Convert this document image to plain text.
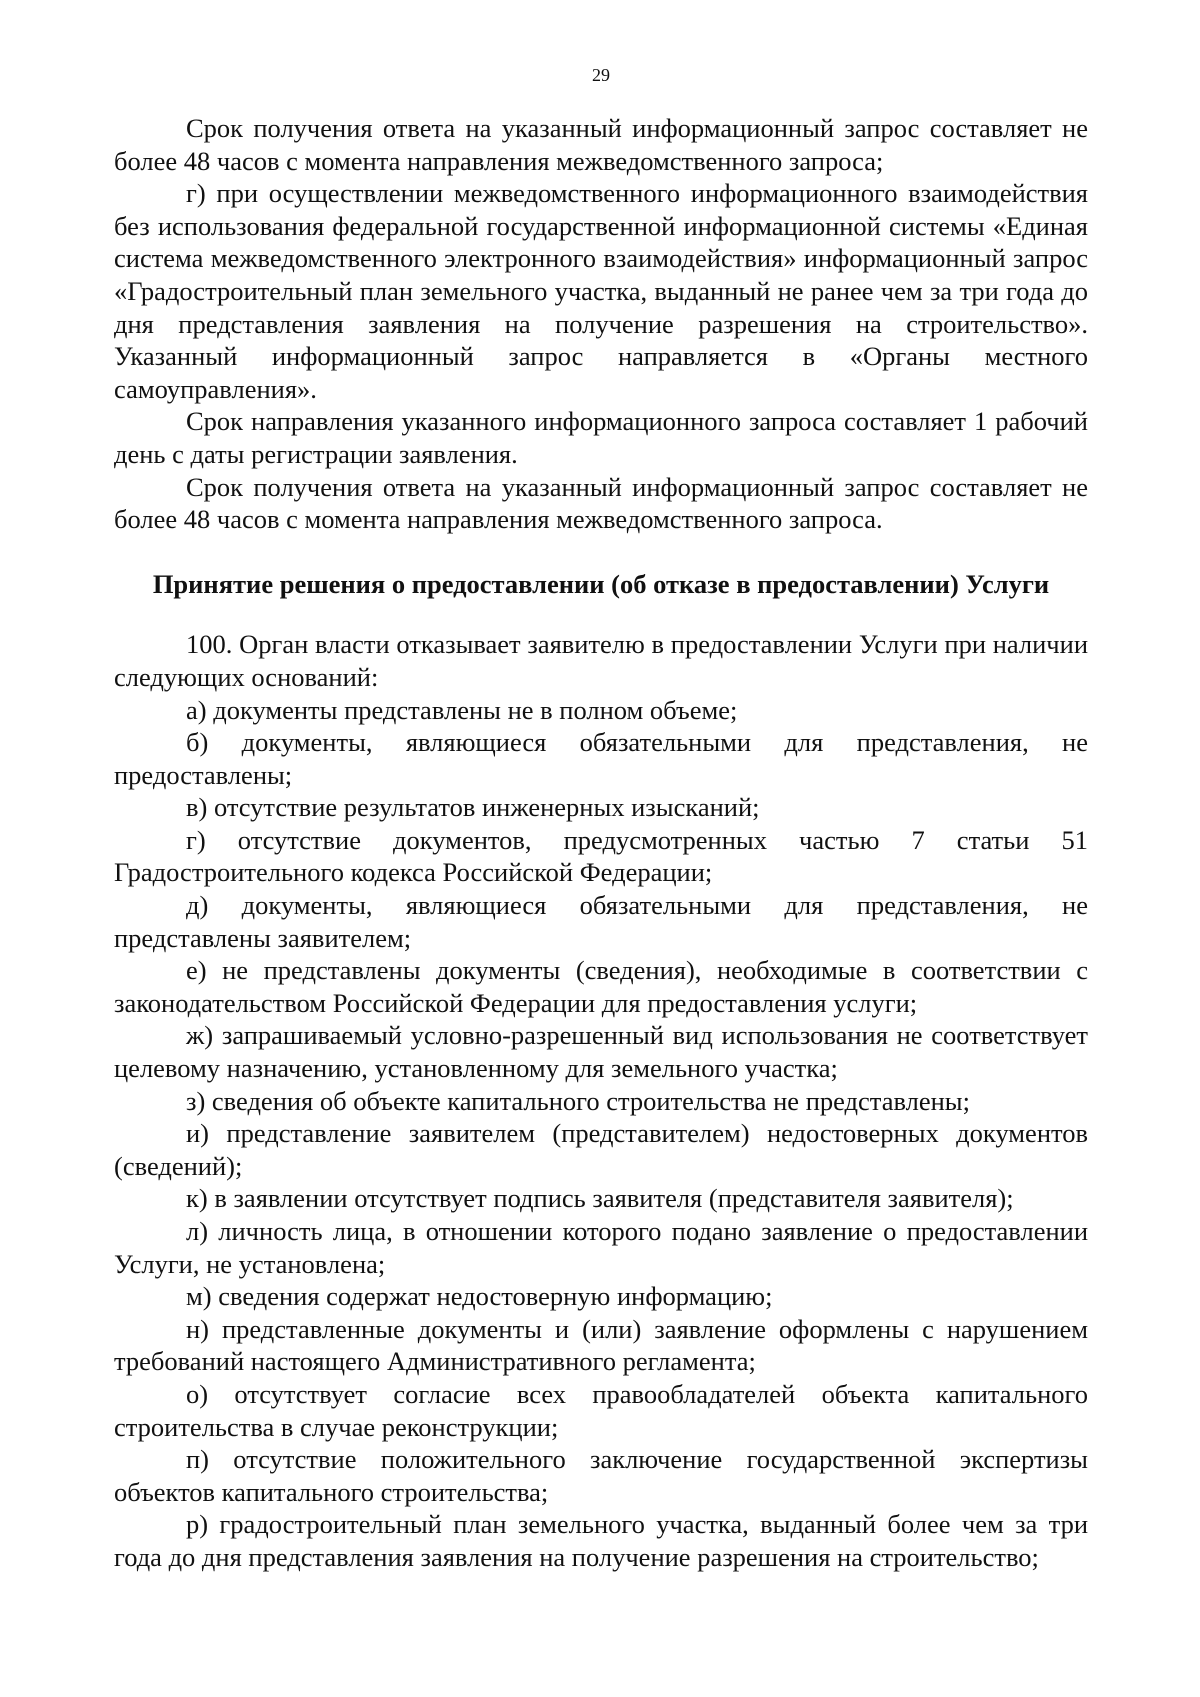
29

Срок получения ответа на указанный информационный запрос составляет не более 48 часов с момента направления межведомственного запроса;

г) при осуществлении межведомственного информационного взаимодействия без использования федеральной государственной информационной системы «Единая система межведомственного электронного взаимодействия» информационный запрос «Градостроительный план земельного участка, выданный не ранее чем за три года до дня представления заявления на получение разрешения на строительство». Указанный информационный запрос направляется в «Органы местного самоуправления».

Срок направления указанного информационного запроса составляет 1 рабочий день с даты регистрации заявления.

Срок получения ответа на указанный информационный запрос составляет не более 48 часов с момента направления межведомственного запроса.

Принятие решения о предоставлении (об отказе в предоставлении) Услуги

100. Орган власти отказывает заявителю в предоставлении Услуги при наличии следующих оснований:

а) документы представлены не в полном объеме;

б) документы, являющиеся обязательными для представления, не предоставлены;

в) отсутствие результатов инженерных изысканий;

г) отсутствие документов, предусмотренных частью 7 статьи 51 Градостроительного кодекса Российской Федерации;

д) документы, являющиеся обязательными для представления, не представлены заявителем;

е) не представлены документы (сведения), необходимые в соответствии с законодательством Российской Федерации для предоставления услуги;

ж) запрашиваемый условно-разрешенный вид использования не соответствует целевому назначению, установленному для земельного участка;

з) сведения об объекте капитального строительства не представлены;

и) представление заявителем (представителем) недостоверных документов (сведений);

к) в заявлении отсутствует подпись заявителя (представителя заявителя);

л) личность лица, в отношении которого подано заявление о предоставлении Услуги, не установлена;

м) сведения содержат недостоверную информацию;

н) представленные документы и (или) заявление оформлены с нарушением требований настоящего Административного регламента;

о) отсутствует согласие всех правообладателей объекта капитального строительства в случае реконструкции;

п) отсутствие положительного заключение государственной экспертизы объектов капитального строительства;

р) градостроительный план земельного участка, выданный более чем за три года до дня представления заявления на получение разрешения на строительство;
